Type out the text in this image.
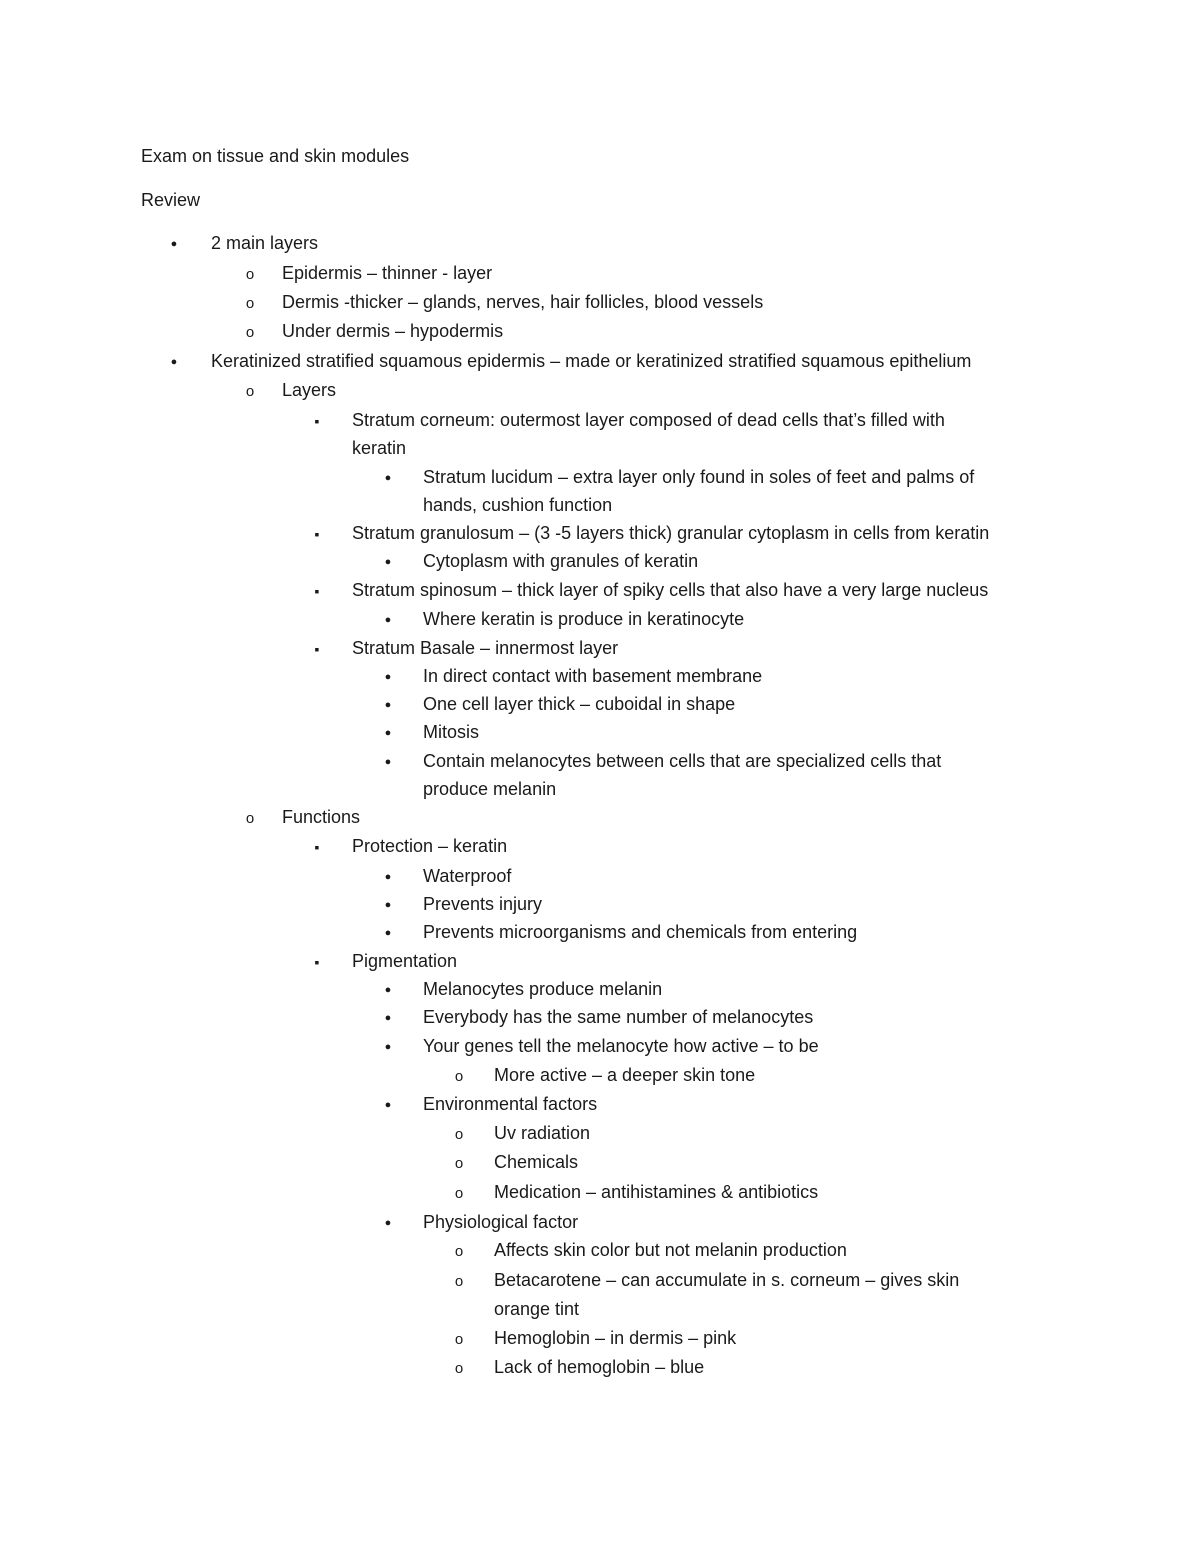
Exam on tissue and skin modules
Review
●
2 main layers
o
Epidermis – thinner - layer
o
Dermis -thicker – glands, nerves, hair follicles, blood vessels
o
Under dermis – hypodermis
●
Keratinized stratified squamous epidermis – made or keratinized stratified squamous epithelium
o
Layers
▪
Stratum corneum: outermost layer composed of dead cells that’s filled with
keratin
●
Stratum lucidum – extra layer only found in soles of feet and palms of
hands, cushion function
▪
Stratum granulosum – (3 -5 layers thick) granular cytoplasm in cells from keratin
●
Cytoplasm with granules of keratin
▪
Stratum spinosum – thick layer of spiky cells that also have a very large nucleus
●
Where keratin is produce in keratinocyte
▪
Stratum Basale – innermost layer
●
In direct contact with basement membrane
●
One cell layer thick – cuboidal in shape
●
Mitosis
●
Contain melanocytes between cells that are specialized cells that
produce melanin
o
Functions
▪
Protection – keratin
●
Waterproof
●
Prevents injury
●
Prevents microorganisms and chemicals from entering
▪
Pigmentation
●
Melanocytes produce melanin
●
Everybody has the same number of melanocytes
●
Your genes tell the melanocyte how active – to be
o
More active – a deeper skin tone
●
Environmental factors
o
Uv radiation
o
Chemicals
o
Medication – antihistamines & antibiotics
●
Physiological factor
o
Affects skin color but not melanin production
o
Betacarotene – can accumulate in s. corneum – gives skin
orange tint
o
Hemoglobin – in dermis – pink
o
Lack of hemoglobin – blue
